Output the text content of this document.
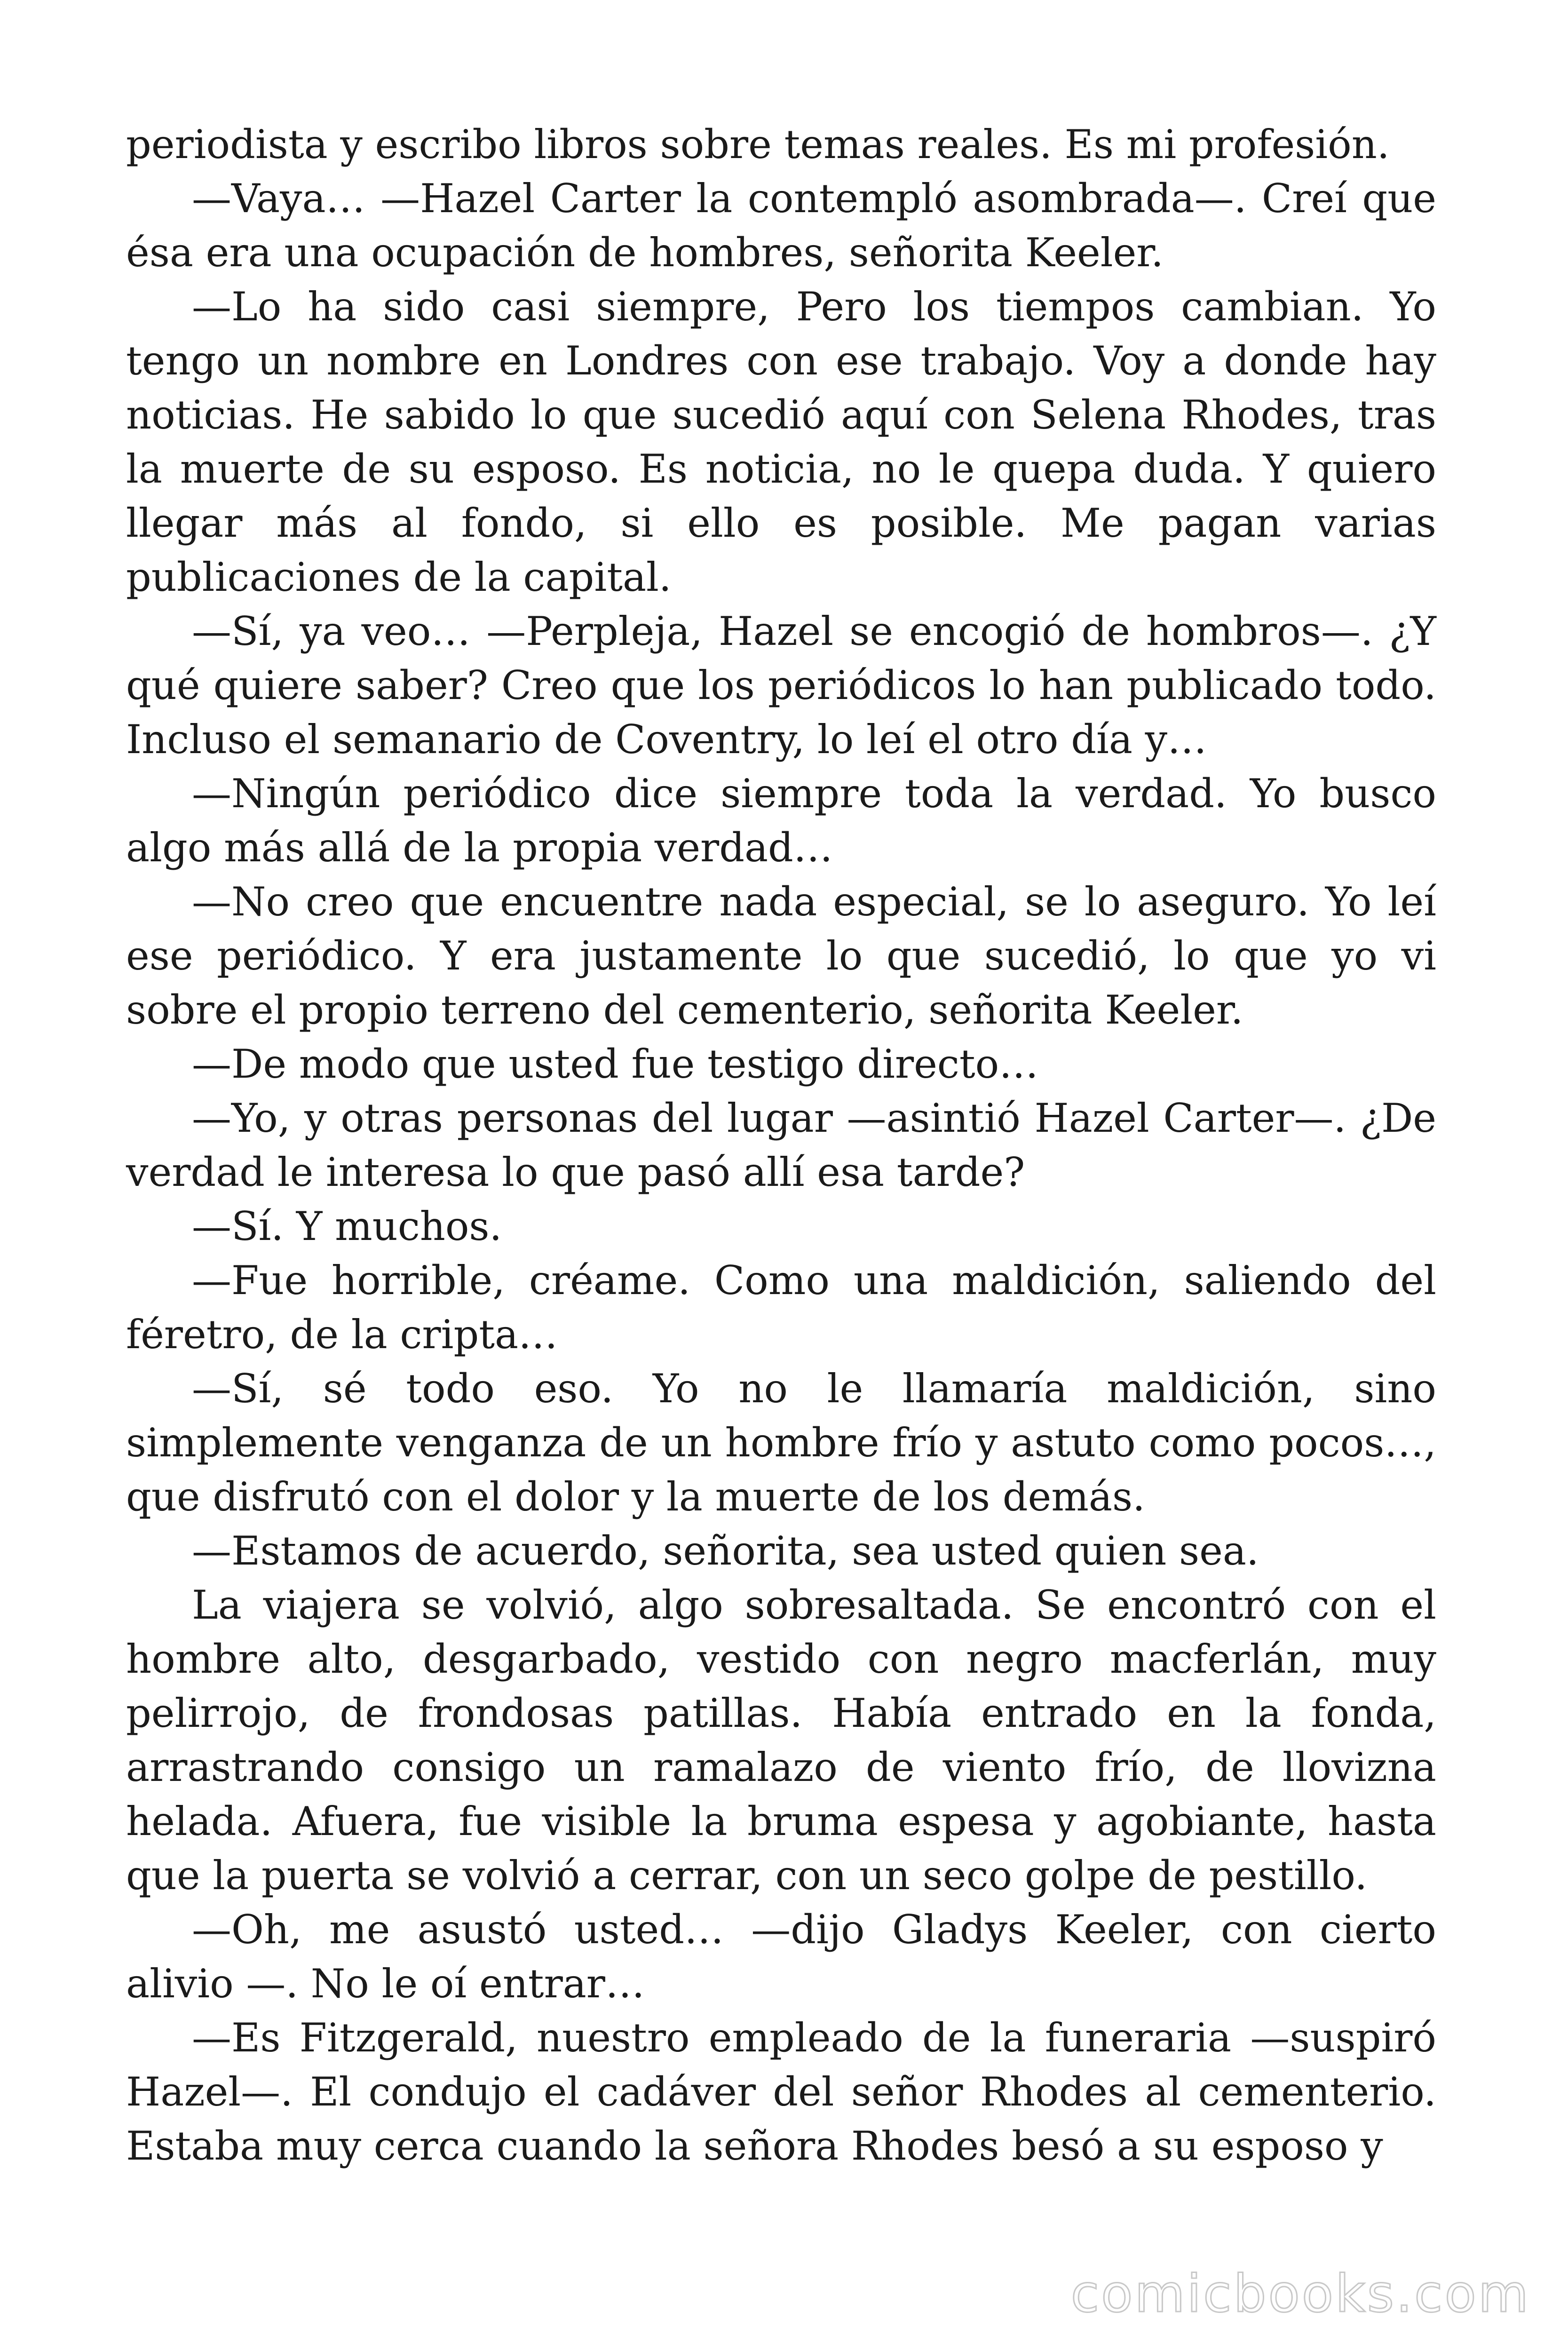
periodista y escribo libros sobre temas reales. Es mi profesión.

—Vaya… —Hazel Carter la contempló asombrada—. Creí que ésa era una ocupación de hombres, señorita Keeler.

—Lo ha sido casi siempre, Pero los tiempos cambian. Yo tengo un nombre en Londres con ese trabajo. Voy a donde hay noticias. He sabido lo que sucedió aquí con Selena Rhodes, tras la muerte de su esposo. Es noticia, no le quepa duda. Y quiero llegar más al fondo, si ello es posible. Me pagan varias publicaciones de la capital.

—Sí, ya veo… —Perpleja, Hazel se encogió de hombros—. ¿Y qué quiere saber? Creo que los periódicos lo han publicado todo. Incluso el semanario de Coventry, lo leí el otro día y…

—Ningún periódico dice siempre toda la verdad. Yo busco algo más allá de la propia verdad…

—No creo que encuentre nada especial, se lo aseguro. Yo leí ese periódico. Y era justamente lo que sucedió, lo que yo vi sobre el propio terreno del cementerio, señorita Keeler.

—De modo que usted fue testigo directo…

—Yo, y otras personas del lugar —asintió Hazel Carter—. ¿De verdad le interesa lo que pasó allí esa tarde?

—Sí. Y muchos.

—Fue horrible, créame. Como una maldición, saliendo del féretro, de la cripta…

—Sí, sé todo eso. Yo no le llamaría maldición, sino simplemente venganza de un hombre frío y astuto como pocos…, que disfrutó con el dolor y la muerte de los demás.

—Estamos de acuerdo, señorita, sea usted quien sea.

La viajera se volvió, algo sobresaltada. Se encontró con el hombre alto, desgarbado, vestido con negro macferlán, muy pelirrojo, de frondosas patillas. Había entrado en la fonda, arrastrando consigo un ramalazo de viento frío, de llovizna helada. Afuera, fue visible la bruma espesa y agobiante, hasta que la puerta se volvió a cerrar, con un seco golpe de pestillo.

—Oh, me asustó usted… —dijo Gladys Keeler, con cierto alivio —. No le oí entrar…

—Es Fitzgerald, nuestro empleado de la funeraria —suspiró Hazel—. El condujo el cadáver del señor Rhodes al cementerio. Estaba muy cerca cuando la señora Rhodes besó a su esposo y

comicbooks.com
